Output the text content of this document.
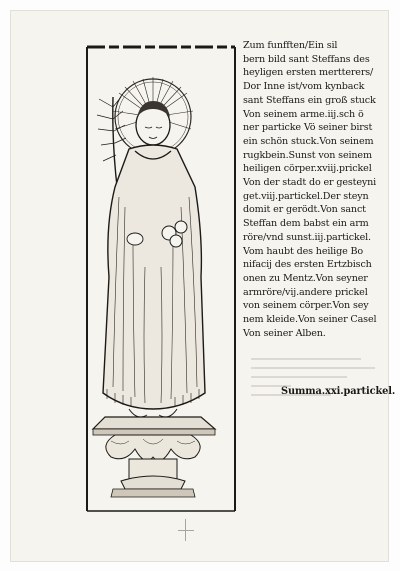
Zum funfften/Ein sil
bern bild sant Steffans des
heyligen ersten mertterers/
Dor Inne ist/vom kynback
sant Steffans ein groß stuck
Von seinem arme.iij.sch ö
ner particke Vö seiner birst
ein schön stuck.Von seinem
rugkbein.Sunst von seinem
heiligen cörper.xviij.prickel
Von der stadt do er gesteyni
get.viij.partickel.Der steyn
domit er gerödt.Von sanct
Steffan dem babst ein arm
röre/vnd sunst.iij.partickel.
Vom haubt des heilige Bo
nifacij des ersten Ertzbisch
onen zu Mentz.Von seyner
armröre/vij.andere prickel
von seinem cörper.Von sey
nem kleide.Von seiner Casel
Von seiner Alben.
Summa.xxi.partickel.
